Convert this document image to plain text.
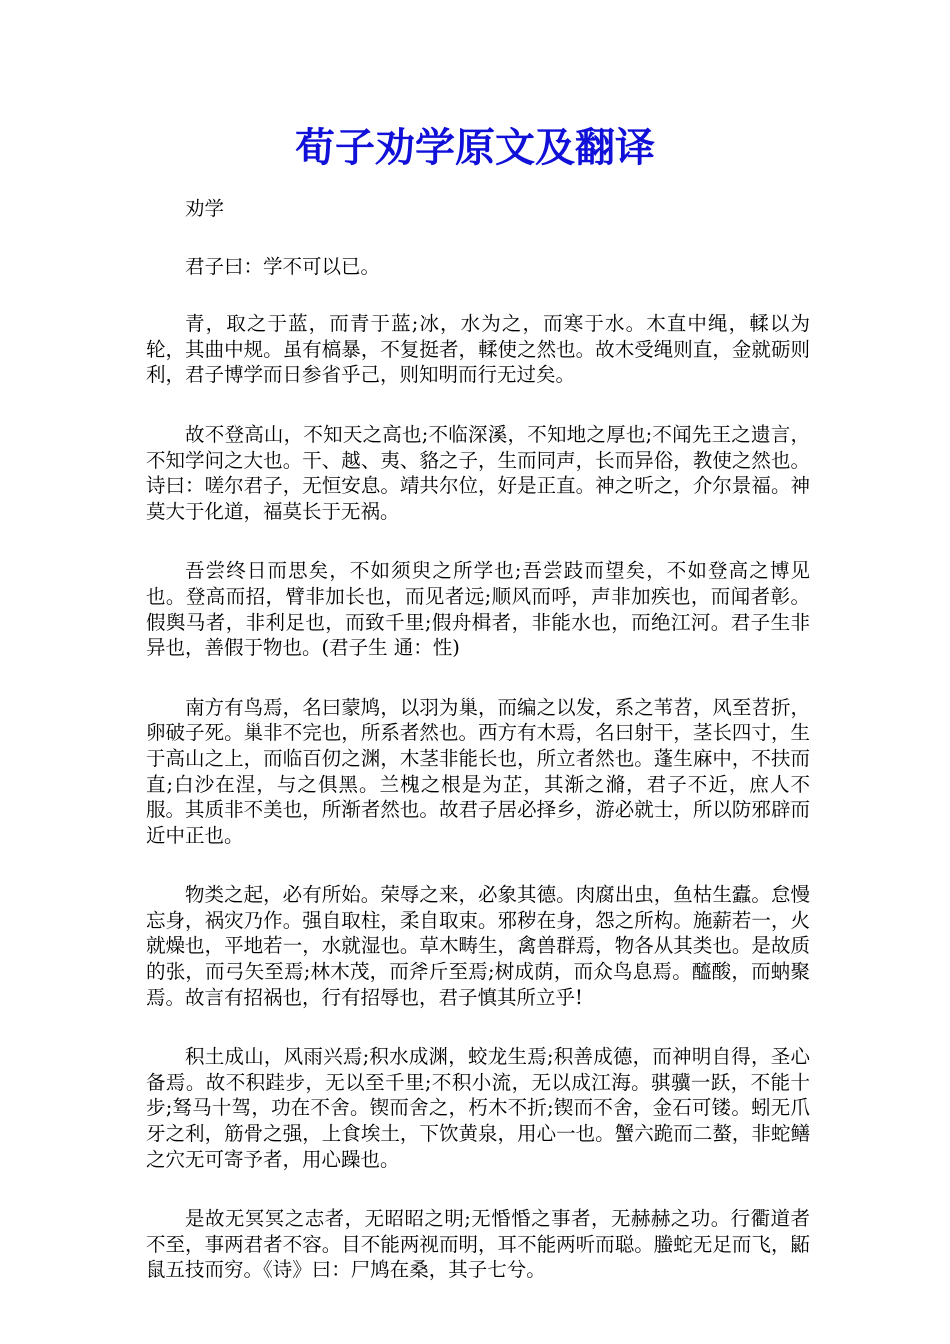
荀子劝学原文及翻译

劝学

君子曰：学不可以已。

青，取之于蓝，而青于蓝;冰，水为之，而寒于水。木直中绳，輮以为轮，其曲中规。虽有槁暴，不复挺者，輮使之然也。故木受绳则直，金就砺则利，君子博学而日参省乎己，则知明而行无过矣。

故不登高山，不知天之高也;不临深溪，不知地之厚也;不闻先王之遗言，不知学问之大也。干、越、夷、貉之子，生而同声，长而异俗，教使之然也。诗曰：嗟尔君子，无恒安息。靖共尔位，好是正直。神之听之，介尔景福。神莫大于化道，福莫长于无祸。

吾尝终日而思矣，不如须臾之所学也;吾尝跂而望矣，不如登高之博见也。登高而招，臂非加长也，而见者远;顺风而呼，声非加疾也，而闻者彰。假舆马者，非利足也，而致千里;假舟楫者，非能水也，而绝江河。君子生非异也，善假于物也。(君子生 通：性)

南方有鸟焉，名曰蒙鸠，以羽为巢，而编之以发，系之苇苕，风至苕折，卵破子死。巢非不完也，所系者然也。西方有木焉，名曰射干，茎长四寸，生于高山之上，而临百仞之渊，木茎非能长也，所立者然也。蓬生麻中，不扶而直;白沙在涅，与之俱黑。兰槐之根是为芷，其渐之滫，君子不近，庶人不服。其质非不美也，所渐者然也。故君子居必择乡，游必就士，所以防邪辟而近中正也。

物类之起，必有所始。荣辱之来，必象其德。肉腐出虫，鱼枯生蠹。怠慢忘身，祸灾乃作。强自取柱，柔自取束。邪秽在身，怨之所构。施薪若一，火就燥也，平地若一，水就湿也。草木畴生，禽兽群焉，物各从其类也。是故质的张，而弓矢至焉;林木茂，而斧斤至焉;树成荫，而众鸟息焉。醯酸，而蚋聚焉。故言有招祸也，行有招辱也，君子慎其所立乎!

积土成山，风雨兴焉;积水成渊，蛟龙生焉;积善成德，而神明自得，圣心备焉。故不积跬步，无以至千里;不积小流，无以成江海。骐骥一跃，不能十步;驽马十驾，功在不舍。锲而舍之，朽木不折;锲而不舍，金石可镂。蚓无爪牙之利，筋骨之强，上食埃土，下饮黄泉，用心一也。蟹六跪而二螯，非蛇鳝之穴无可寄予者，用心躁也。

是故无冥冥之志者，无昭昭之明;无惛惛之事者，无赫赫之功。行衢道者不至，事两君者不容。目不能两视而明，耳不能两听而聪。螣蛇无足而飞，鼫鼠五技而穷。《诗》曰：尸鸠在桑，其子七兮。
